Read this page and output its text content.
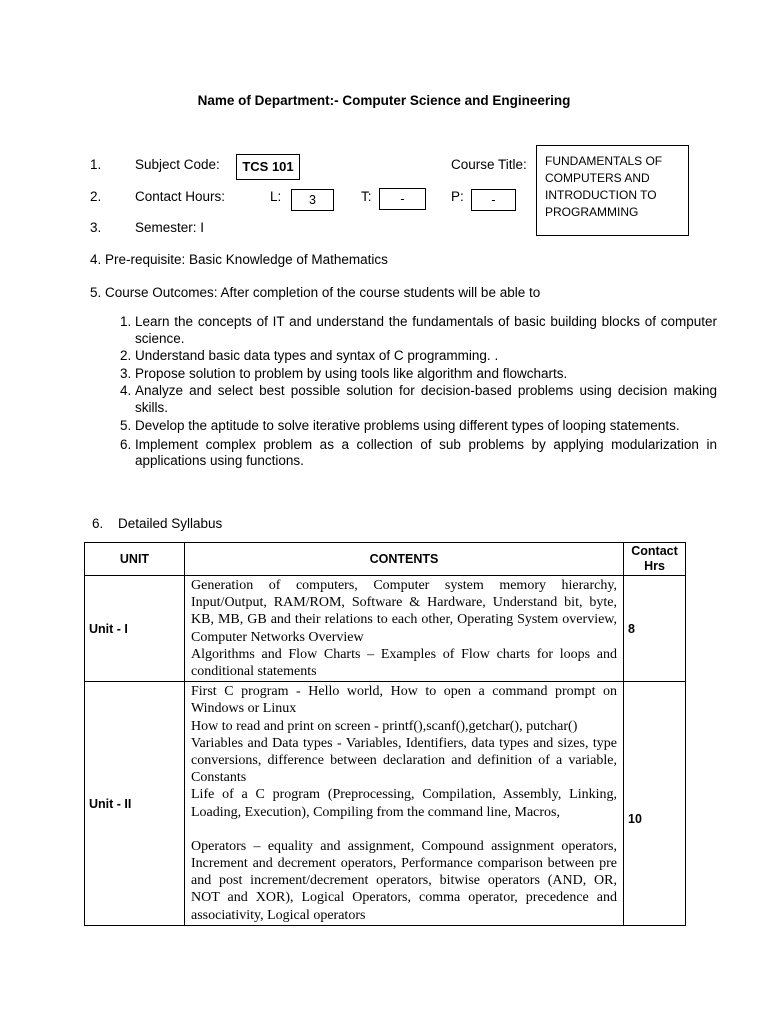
Name of Department:- Computer Science and Engineering
1.	Subject Code:	TCS 101	Course Title:	FUNDAMENTALS OF COMPUTERS AND INTRODUCTION TO PROGRAMMING
2.	Contact Hours:	L:	3	T:	-	P:	-
3.	Semester: I
4. Pre-requisite: Basic Knowledge of Mathematics
5. Course Outcomes: After completion of the course students will be able to
1. Learn the concepts of IT and understand the fundamentals of basic building blocks of computer science.
2. Understand basic data types and syntax of C programming. .
3. Propose solution to problem by using tools like algorithm and flowcharts.
4. Analyze and select best possible solution for decision-based problems using decision making skills.
5. Develop the aptitude to solve iterative problems using different types of looping statements.
6. Implement complex problem as a collection of sub problems by applying modularization in applications using functions.
6. Detailed Syllabus
UNIT	CONTENTS	Contact Hrs
Unit - I	Generation of computers, Computer system memory hierarchy, Input/Output, RAM/ROM, Software & Hardware, Understand bit, byte, KB, MB, GB and their relations to each other, Operating System overview, Computer Networks Overview

Algorithms and Flow Charts – Examples of Flow charts for loops and conditional statements	8
Unit - II	First C program - Hello world, How to open a command prompt on Windows or Linux

How to read and print on screen - printf(),scanf(),getchar(), putchar()

Variables and Data types - Variables, Identifiers, data types and sizes, type conversions, difference between declaration and definition of a variable, Constants

Life of a C program (Preprocessing, Compilation, Assembly, Linking, Loading, Execution), Compiling from the command line, Macros,

Operators – equality and assignment, Compound assignment operators, Increment and decrement operators, Performance comparison between pre and post increment/decrement operators, bitwise operators (AND, OR, NOT and XOR), Logical Operators, comma operator, precedence and associativity, Logical operators	10
